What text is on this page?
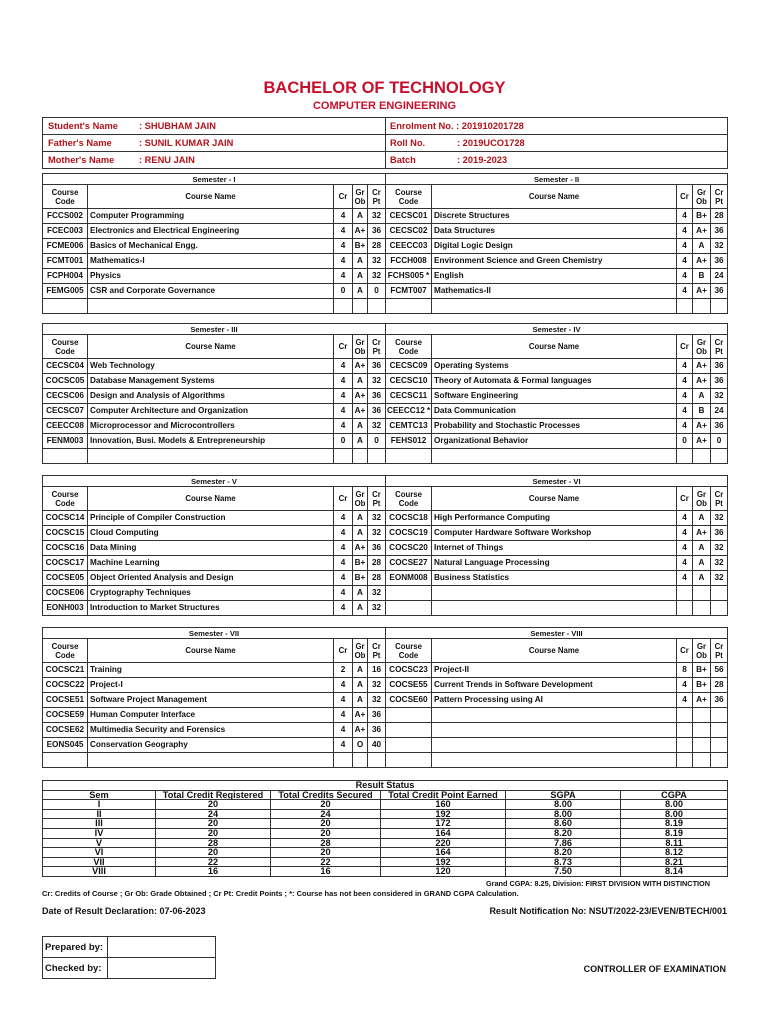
BACHELOR OF TECHNOLOGY
COMPUTER ENGINEERING
Student's Name : SHUBHAM JAIN	Enrolment No. : 201910201728
Father's Name : SUNIL KUMAR JAIN	Roll No. : 2019UCO1728
Mother's Name : RENU JAIN	Batch : 2019-2023
Semester - I					Semester - II				
Course Code	Course Name	Cr	Gr Ob	Cr Pt	Course Code	Course Name	Cr	Gr Ob	Cr Pt
FCCS002	Computer Programming	4	A	32	CECSC01	Discrete Structures	4	B+	28
FCEC003	Electronics and Electrical Engineering	4	A+	36	CECSC02	Data Structures	4	A+	36
FCME006	Basics of Mechanical Engg.	4	B+	28	CEECC03	Digital Logic Design	4	A	32
FCMT001	Mathematics-I	4	A	32	FCCH008	Environment Science and Green Chemistry	4	A+	36
FCPH004	Physics	4	A	32	FCHS005 *	English	4	B	24
FEMG005	CSR and Corporate Governance	0	A	0	FCMT007	Mathematics-II	4	A+	36

Semester - III					Semester - IV				
Course Code	Course Name	Cr	Gr Ob	Cr Pt	Course Code	Course Name	Cr	Gr Ob	Cr Pt
CECSC04	Web Technology	4	A+	36	CECSC09	Operating Systems	4	A+	36
COCSC05	Database Management Systems	4	A	32	CECSC10	Theory of Automata & Formal languages	4	A+	36
CECSC06	Design and Analysis of Algorithms	4	A+	36	CECSC11	Software Engineering	4	A	32
CECSC07	Computer Architecture and Organization	4	A+	36	CEECC12 *	Data Communication	4	B	24
CEECC08	Microprocessor and Microcontrollers	4	A	32	CEMTC13	Probability and Stochastic Processes	4	A+	36
FENM003	Innovation, Busi. Models & Entrepreneurship	0	A	0	FEHS012	Organizational Behavior	0	A+	0

Semester - V					Semester - VI				
Course Code	Course Name	Cr	Gr Ob	Cr Pt	Course Code	Course Name	Cr	Gr Ob	Cr Pt
COCSC14	Principle of Compiler Construction	4	A	32	COCSC18	High Performance Computing	4	A	32
COCSC15	Cloud Computing	4	A	32	COCSC19	Computer Hardware Software Workshop	4	A+	36
COCSC16	Data Mining	4	A+	36	COCSC20	Internet of Things	4	A	32
COCSC17	Machine Learning	4	B+	28	COCSE27	Natural Language Processing	4	A	32
COCSE05	Object Oriented Analysis and Design	4	B+	28	EONM008	Business Statistics	4	A	32
COCSE06	Cryptography Techniques	4	A	32					
EONH003	Introduction to Market Structures	4	A	32					
Semester - VII					Semester - VIII				
Course Code	Course Name	Cr	Gr Ob	Cr Pt	Course Code	Course Name	Cr	Gr Ob	Cr Pt
COCSC21	Training	2	A	16	COCSC23	Project-II	8	B+	56
COCSC22	Project-I	4	A	32	COCSE55	Current Trends in Software Development	4	B+	28
COCSE51	Software Project Management	4	A	32	COCSE60	Pattern Processing using AI	4	A+	36
COCSE59	Human Computer Interface	4	A+	36					
COCSE62	Multimedia Security and Forensics	4	A+	36					
EONS045	Conservation Geography	4	O	40					

Result Status					
Sem	Total Credit Registered	Total Credits Secured	Total Credit Point Earned	SGPA	CGPA
I	20	20	160	8.00	8.00
II	24	24	192	8.00	8.00
III	20	20	172	8.60	8.19
IV	20	20	164	8.20	8.19
V	28	28	220	7.86	8.11
VI	20	20	164	8.20	8.12
VII	22	22	192	8.73	8.21
VIII	16	16	120	7.50	8.14
Grand CGPA: 8.25, Division: FIRST DIVISION WITH DISTINCTION
Cr: Credits of Course ; Gr Ob: Grade Obtained ; Cr Pt: Credit Points ; *: Course has not been considered in GRAND CGPA Calculation.
Date of Result Declaration: 07-06-2023	Result Notification No: NSUT/2022-23/EVEN/BTECH/001
Prepared by:	
Checked by:		CONTROLLER OF EXAMINATION
